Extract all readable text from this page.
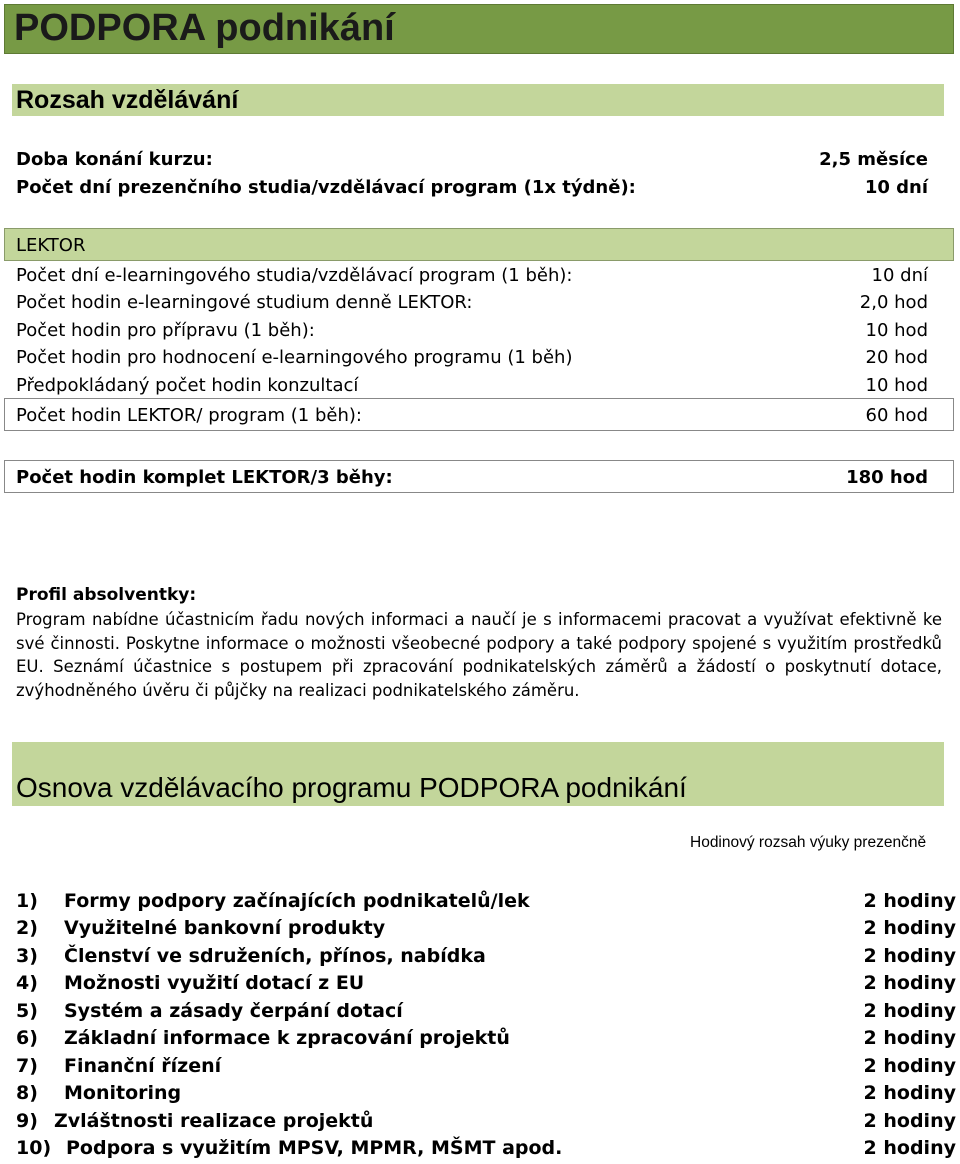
PODPORA podnikání
Rozsah vzdělávání
Doba konání kurzu:	2,5 měsíce
Počet dní prezenčního studia/vzdělávací program (1x týdně):	10 dní
LEKTOR
Počet dní e-learningového studia/vzdělávací program (1 běh):	10 dní
Počet hodin e-learningové studium denně LEKTOR:	2,0 hod
Počet hodin pro přípravu (1 běh):	10 hod
Počet hodin pro hodnocení e-learningového programu (1 běh)	20 hod
Předpokládaný počet hodin konzultací	10 hod
Počet hodin LEKTOR/ program (1 běh):	60 hod
Počet hodin komplet LEKTOR/3 běhy:	180 hod
Profil absolventky:
Program nabídne účastnicím řadu nových informaci a naučí je s informacemi pracovat a využívat efektivně ke své činnosti. Poskytne informace o možnosti všeobecné podpory a také podpory spojené s využitím prostředků EU. Seznámí účastnice s postupem při zpracování podnikatelských záměrů a žádostí o poskytnutí dotace, zvýhodněného úvěru či půjčky na realizaci podnikatelského záměru.
Osnova vzdělávacího programu PODPORA podnikání
Hodinový rozsah výuky prezenčně
1) Formy podpory začínajících podnikatelů/lek	2 hodiny
2) Využitelné bankovní produkty	2 hodiny
3) Členství ve sdruženích, přínos, nabídka	2 hodiny
4) Možnosti využití dotací z EU	2 hodiny
5) Systém a zásady čerpání dotací	2 hodiny
6) Základní informace k zpracování projektů	2 hodiny
7) Finanční řízení	2 hodiny
8) Monitoring	2 hodiny
9) Zvláštnosti realizace projektů	2 hodiny
10) Podpora s využitím MPSV, MPMR, MŠMT apod.	2 hodiny
